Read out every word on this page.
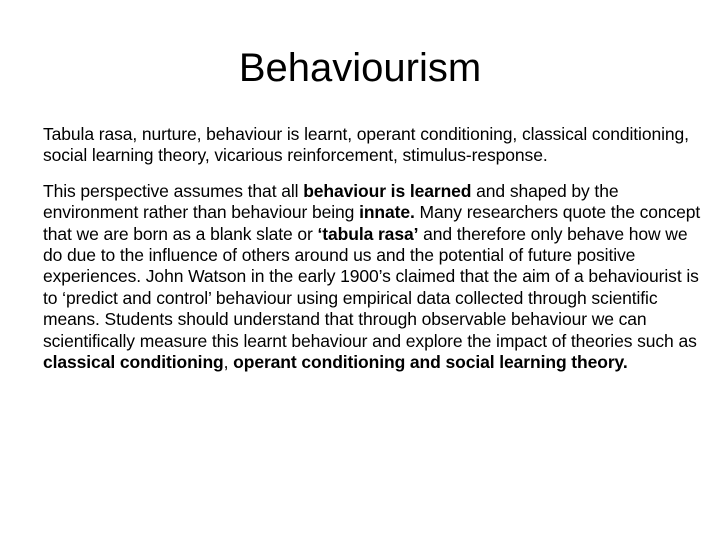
Behaviourism

Tabula rasa, nurture, behaviour is learnt, operant conditioning, classical conditioning, social learning theory, vicarious reinforcement, stimulus-response.

This perspective assumes that all behaviour is learned and shaped by the environment rather than behaviour being innate. Many researchers quote the concept that we are born as a blank slate or ‘tabula rasa’ and therefore only behave how we do due to the influence of others around us and the potential of future positive experiences. John Watson in the early 1900’s claimed that the aim of a behaviourist is to ‘predict and control’ behaviour using empirical data collected through scientific means. Students should understand that through observable behaviour we can scientifically measure this learnt behaviour and explore the impact of theories such as classical conditioning, operant conditioning and social learning theory.
